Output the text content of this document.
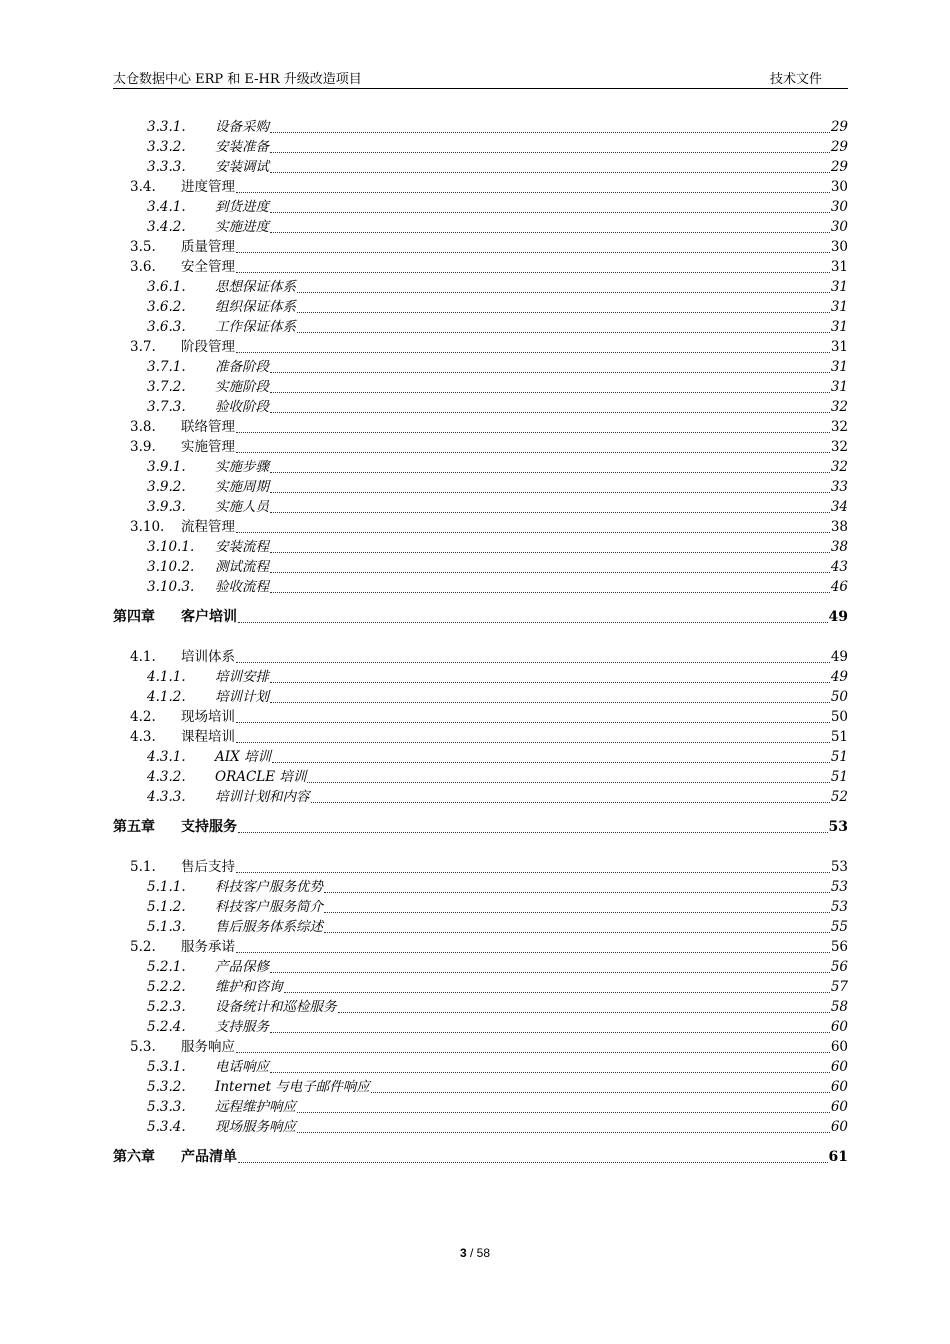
太仓数据中心 ERP 和 E-HR 升级改造项目	技术文件
3.3.1.	设备采购	29
3.3.2.	安装准备	29
3.3.3.	安装调试	29
3.4.	进度管理	30
3.4.1.	到货进度	30
3.4.2.	实施进度	30
3.5.	质量管理	30
3.6.	安全管理	31
3.6.1.	思想保证体系	31
3.6.2.	组织保证体系	31
3.6.3.	工作保证体系	31
3.7.	阶段管理	31
3.7.1.	准备阶段	31
3.7.2.	实施阶段	31
3.7.3.	验收阶段	32
3.8.	联络管理	32
3.9.	实施管理	32
3.9.1.	实施步骤	32
3.9.2.	实施周期	33
3.9.3.	实施人员	34
3.10.	流程管理	38
3.10.1.	安装流程	38
3.10.2.	测试流程	43
3.10.3.	验收流程	46
第四章	客户培训	49
4.1.	培训体系	49
4.1.1.	培训安排	49
4.1.2.	培训计划	50
4.2.	现场培训	50
4.3.	课程培训	51
4.3.1.	AIX 培训	51
4.3.2.	ORACLE 培训	51
4.3.3.	培训计划和内容	52
第五章	支持服务	53
5.1.	售后支持	53
5.1.1.	科技客户服务优势	53
5.1.2.	科技客户服务简介	53
5.1.3.	售后服务体系综述	55
5.2.	服务承诺	56
5.2.1.	产品保修	56
5.2.2.	维护和咨询	57
5.2.3.	设备统计和巡检服务	58
5.2.4.	支持服务	60
5.3.	服务响应	60
5.3.1.	电话响应	60
5.3.2.	Internet 与电子邮件响应	60
5.3.3.	远程维护响应	60
5.3.4.	现场服务响应	60
第六章	产品清单	61
3 / 58
